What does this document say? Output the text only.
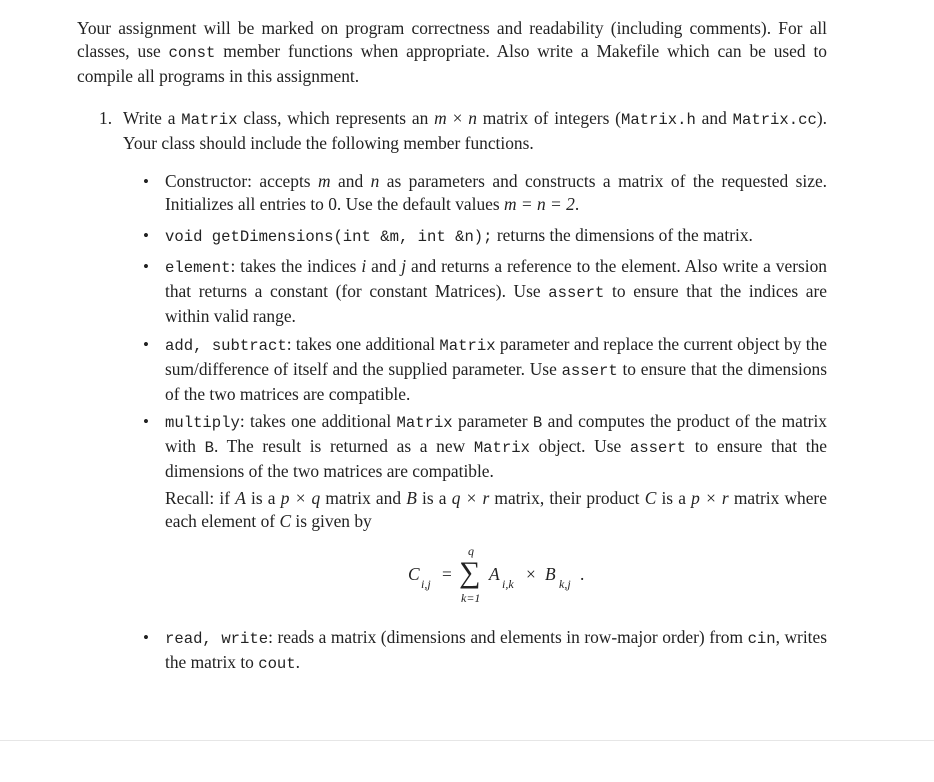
Your assignment will be marked on program correctness and readability (including comments). For all classes, use const member functions when appropriate. Also write a Makefile which can be used to compile all programs in this assignment.

1. Write a Matrix class, which represents an m × n matrix of integers (Matrix.h and Matrix.cc). Your class should include the following member functions.

• Constructor: accepts m and n as parameters and constructs a matrix of the requested size. Initializes all entries to 0. Use the default values m = n = 2.
• void getDimensions(int &m, int &n); returns the dimensions of the matrix.
• element: takes the indices i and j and returns a reference to the element. Also write a version that returns a constant (for constant Matrices). Use assert to ensure that the indices are within valid range.
• add, subtract: takes one additional Matrix parameter and replace the current object by the sum/difference of itself and the supplied parameter. Use assert to ensure that the dimensions of the two matrices are compatible.
• multiply: takes one additional Matrix parameter B and computes the product of the matrix with B. The result is returned as a new Matrix object. Use assert to ensure that the dimensions of the two matrices are compatible.

Recall: if A is a p × q matrix and B is a q × r matrix, their product C is a p × r matrix where each element of C is given by

C i,j = ∑
q
k=1
A i,k × B k,j .
• read, write: reads a matrix (dimensions and elements in row-major order) from cin, writes the matrix to cout.
